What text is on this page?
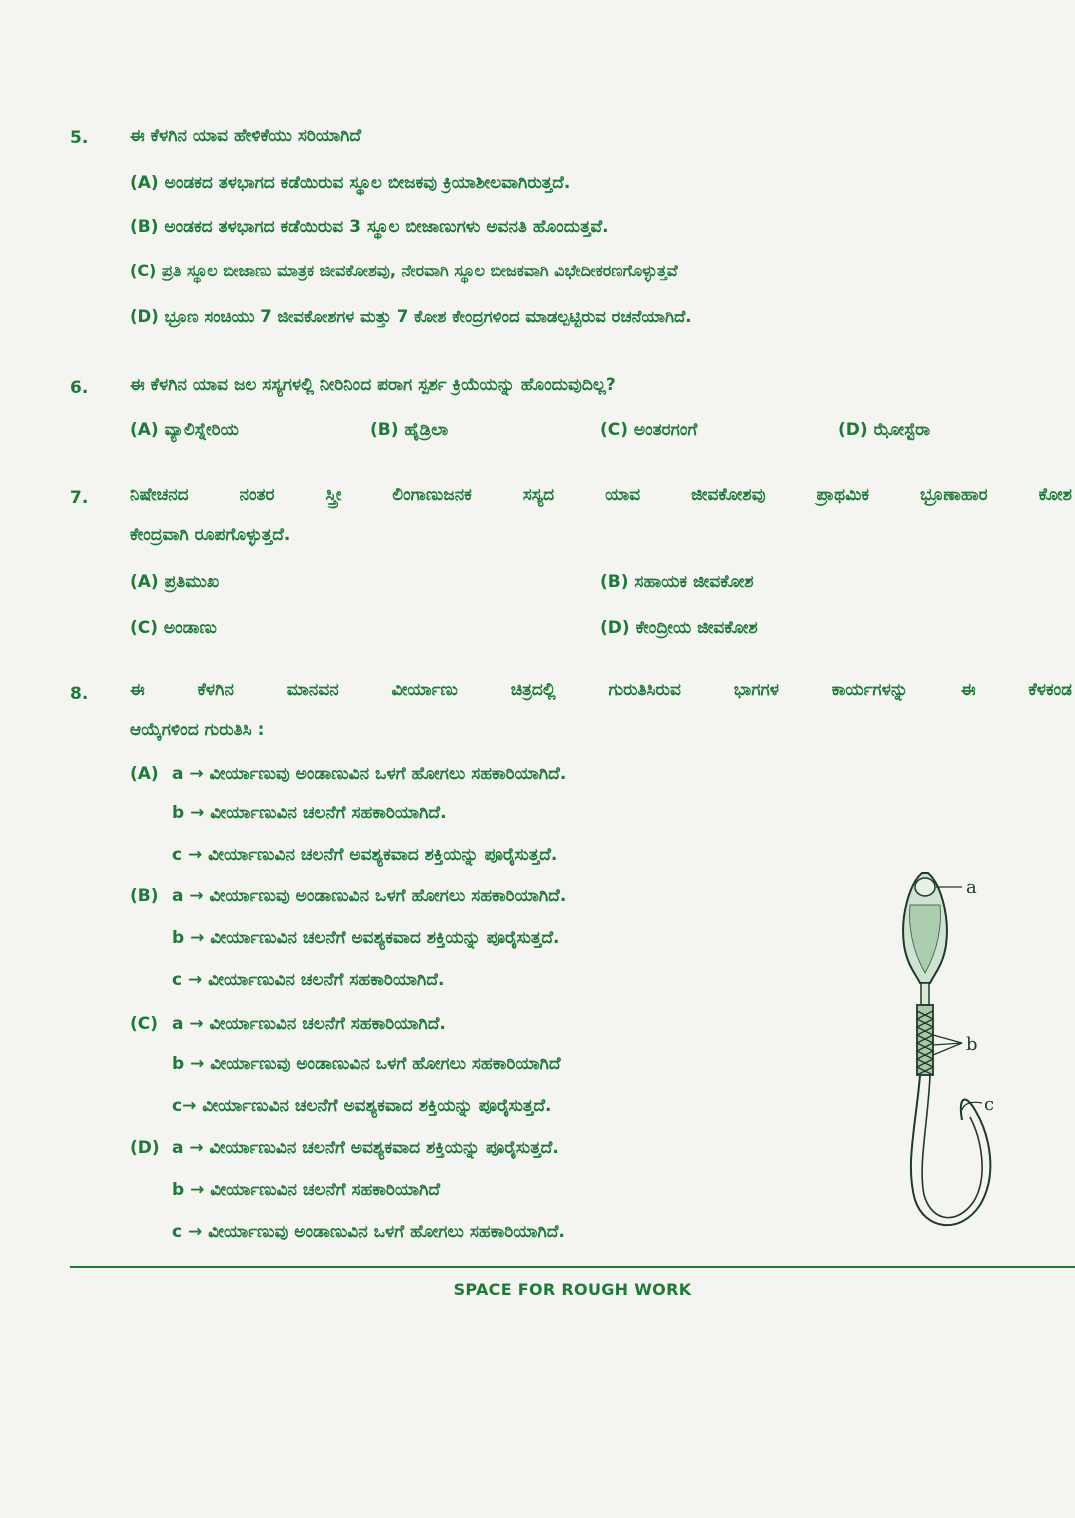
5. ಈ ಕೆಳಗಿನ ಯಾವ ಹೇಳಿಕೆಯು ಸರಿಯಾಗಿದೆ
(A) ಅಂಡಕದ ತಳಭಾಗದ ಕಡೆಯಿರುವ ಸ್ಥೂಲ ಬೀಜಕವು ಕ್ರಿಯಾಶೀಲವಾಗಿರುತ್ತದೆ.
(B) ಅಂಡಕದ ತಳಭಾಗದ ಕಡೆಯಿರುವ 3 ಸ್ಥೂಲ ಬೀಜಾಣುಗಳು ಅವನತಿ ಹೊಂದುತ್ತವೆ.
(C) ಪ್ರತಿ ಸ್ಥೂಲ ಬೀಜಾಣು ಮಾತ್ರಕ ಜೀವಕೋಶವು, ನೇರವಾಗಿ ಸ್ಥೂಲ ಬೀಜಕವಾಗಿ ವಿಭೇದೀಕರಣಗೊಳ್ಳುತ್ತವೆ
(D) ಭ್ರೂಣ ಸಂಚಿಯು 7 ಜೀವಕೋಶಗಳ ಮತ್ತು 7 ಕೋಶ ಕೇಂದ್ರಗಳಿಂದ ಮಾಡಲ್ಪಟ್ಟಿರುವ ರಚನೆಯಾಗಿದೆ.
6. ಈ ಕೆಳಗಿನ ಯಾವ ಜಲ ಸಸ್ಯಗಳಲ್ಲಿ ನೀರಿನಿಂದ ಪರಾಗ ಸ್ಪರ್ಶ ಕ್ರಿಯೆಯನ್ನು ಹೊಂದುವುದಿಲ್ಲ?
(A) ವ್ಯಾಲಿಸ್ನೇರಿಯ	(B) ಹೈಡ್ರಿಲಾ	(C) ಅಂತರಗಂಗೆ	(D) ಝೋಸ್ಟೆರಾ
7. ನಿಷೇಚನದ ನಂತರ ಸ್ತ್ರೀ ಲಿಂಗಾಣುಜನಕ ಸಸ್ಯದ ಯಾವ ಜೀವಕೋಶವು ಪ್ರಾಥಮಿಕ ಭ್ರೂಣಾಹಾರ ಕೋಶ
ಕೇಂದ್ರವಾಗಿ ರೂಪಗೊಳ್ಳುತ್ತದೆ.
(A) ಪ್ರತಿಮುಖ	(B) ಸಹಾಯಕ ಜೀವಕೋಶ
(C) ಅಂಡಾಣು	(D) ಕೇಂದ್ರೀಯ ಜೀವಕೋಶ
8. ಈ ಕೆಳಗಿನ ಮಾನವನ ವೀರ್ಯಾಣು ಚಿತ್ರದಲ್ಲಿ ಗುರುತಿಸಿರುವ ಭಾಗಗಳ ಕಾರ್ಯಗಳನ್ನು ಈ ಕೆಳಕಂಡ
ಆಯ್ಕೆಗಳಿಂದ ಗುರುತಿಸಿ :
(A) a → ವೀರ್ಯಾಣುವು ಅಂಡಾಣುವಿನ ಒಳಗೆ ಹೋಗಲು ಸಹಕಾರಿಯಾಗಿದೆ.
b → ವೀರ್ಯಾಣುವಿನ ಚಲನೆಗೆ ಸಹಕಾರಿಯಾಗಿದೆ.
c → ವೀರ್ಯಾಣುವಿನ ಚಲನೆಗೆ ಅವಶ್ಯಕವಾದ ಶಕ್ತಿಯನ್ನು ಪೂರೈಸುತ್ತದೆ.
(B) a → ವೀರ್ಯಾಣುವು ಅಂಡಾಣುವಿನ ಒಳಗೆ ಹೋಗಲು ಸಹಕಾರಿಯಾಗಿದೆ.
b → ವೀರ್ಯಾಣುವಿನ ಚಲನೆಗೆ ಅವಶ್ಯಕವಾದ ಶಕ್ತಿಯನ್ನು ಪೂರೈಸುತ್ತದೆ.
c → ವೀರ್ಯಾಣುವಿನ ಚಲನೆಗೆ ಸಹಕಾರಿಯಾಗಿದೆ.
(C) a → ವೀರ್ಯಾಣುವಿನ ಚಲನೆಗೆ ಸಹಕಾರಿಯಾಗಿದೆ.
b → ವೀರ್ಯಾಣುವು ಅಂಡಾಣುವಿನ ಒಳಗೆ ಹೋಗಲು ಸಹಕಾರಿಯಾಗಿದೆ
c→ ವೀರ್ಯಾಣುವಿನ ಚಲನೆಗೆ ಅವಶ್ಯಕವಾದ ಶಕ್ತಿಯನ್ನು ಪೂರೈಸುತ್ತದೆ.
(D) a → ವೀರ್ಯಾಣುವಿನ ಚಲನೆಗೆ ಅವಶ್ಯಕವಾದ ಶಕ್ತಿಯನ್ನು ಪೂರೈಸುತ್ತದೆ.
b → ವೀರ್ಯಾಣುವಿನ ಚಲನೆಗೆ ಸಹಕಾರಿಯಾಗಿದೆ
c → ವೀರ್ಯಾಣುವು ಅಂಡಾಣುವಿನ ಒಳಗೆ ಹೋಗಲು ಸಹಕಾರಿಯಾಗಿದೆ.
a
b
c
SPACE FOR ROUGH WORK
